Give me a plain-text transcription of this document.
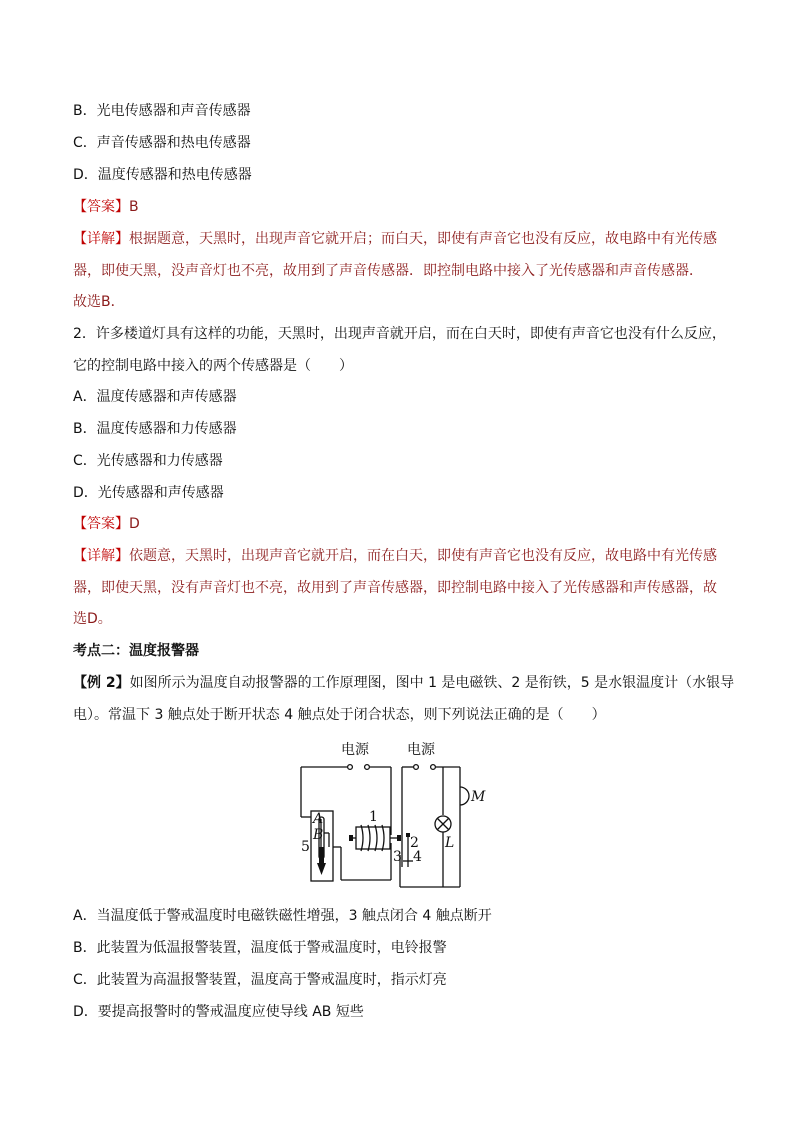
B．光电传感器和声音传感器
C．声音传感器和热电传感器
D．温度传感器和热电传感器
【答案】B
【详解】根据题意，天黑时，出现声音它就开启；而白天，即使有声音它也没有反应，故电路中有光传感
器，即使天黑，没声音灯也不亮，故用到了声音传感器．即控制电路中接入了光传感器和声音传感器．
故选B．
2．许多楼道灯具有这样的功能，天黑时，出现声音就开启，而在白天时，即使有声音它也没有什么反应，
它的控制电路中接入的两个传感器是（　　）
A．温度传感器和声传感器
B．温度传感器和力传感器
C．光传感器和力传感器
D．光传感器和声传感器
【答案】D
【详解】依题意，天黑时，出现声音它就开启，而在白天，即使有声音它也没有反应，故电路中有光传感
器，即使天黑，没有声音灯也不亮，故用到了声音传感器，即控制电路中接入了光传感器和声传感器，故
选D。
考点二：温度报警器
【例 2】如图所示为温度自动报警器的工作原理图，图中 1 是电磁铁、2 是衔铁，5 是水银温度计（水银导
电）。常温下 3 触点处于断开状态 4 触点处于闭合状态，则下列说法正确的是（　　）
电源	电源
1
2
3 4
5
A
B
M
L
A．当温度低于警戒温度时电磁铁磁性增强，3 触点闭合 4 触点断开
B．此装置为低温报警装置，温度低于警戒温度时，电铃报警
C．此装置为高温报警装置，温度高于警戒温度时，指示灯亮
D．要提高报警时的警戒温度应使导线 AB 短些
